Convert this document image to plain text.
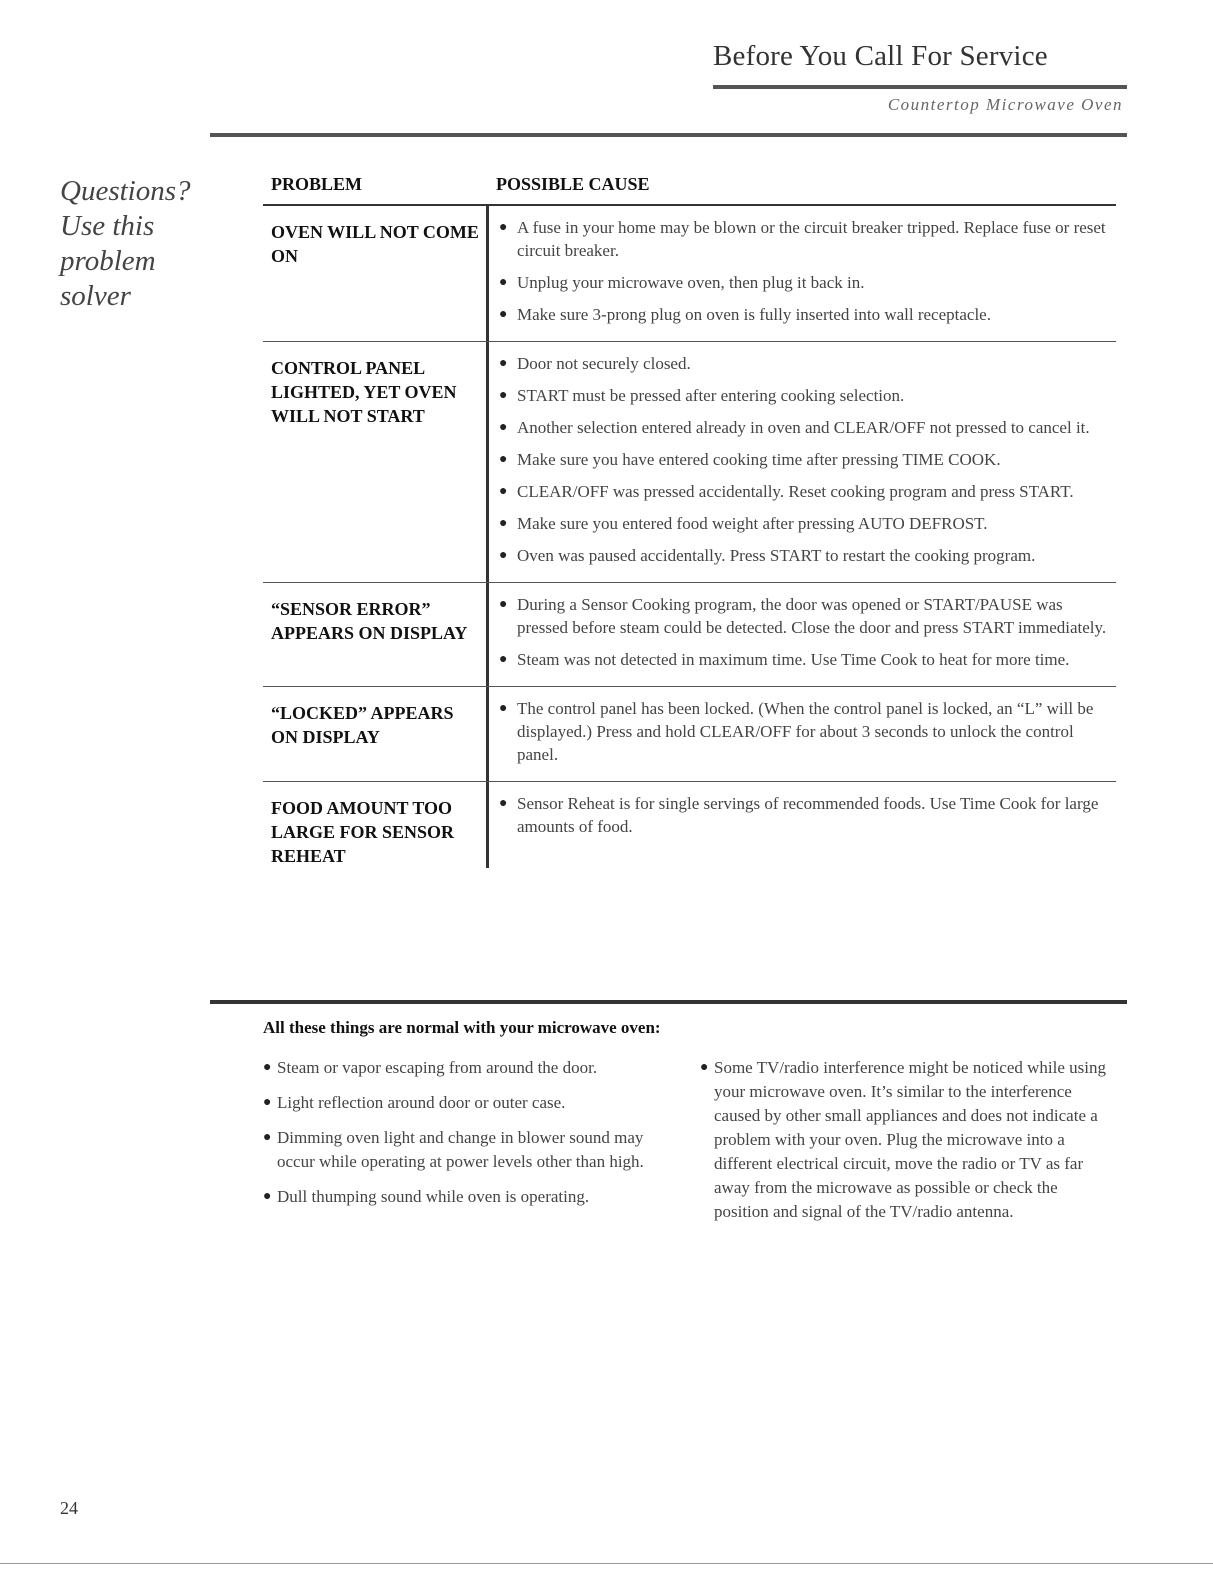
Before You Call For Service
Countertop Microwave Oven
Questions?
Use this
problem
solver
PROBLEM	POSSIBLE CAUSE
OVEN WILL NOT COME ON
● A fuse in your home may be blown or the circuit breaker tripped. Replace fuse or reset circuit breaker.
● Unplug your microwave oven, then plug it back in.
● Make sure 3-prong plug on oven is fully inserted into wall receptacle.
CONTROL PANEL LIGHTED, YET OVEN WILL NOT START
● Door not securely closed.
● START must be pressed after entering cooking selection.
● Another selection entered already in oven and CLEAR/OFF not pressed to cancel it.
● Make sure you have entered cooking time after pressing TIME COOK.
● CLEAR/OFF was pressed accidentally. Reset cooking program and press START.
● Make sure you entered food weight after pressing AUTO DEFROST.
● Oven was paused accidentally. Press START to restart the cooking program.
“SENSOR ERROR” APPEARS ON DISPLAY
● During a Sensor Cooking program, the door was opened or START/PAUSE was pressed before steam could be detected. Close the door and press START immediately.
● Steam was not detected in maximum time. Use Time Cook to heat for more time.
“LOCKED” APPEARS ON DISPLAY
● The control panel has been locked. (When the control panel is locked, an “L” will be displayed.) Press and hold CLEAR/OFF for about 3 seconds to unlock the control panel.
FOOD AMOUNT TOO LARGE FOR SENSOR REHEAT
● Sensor Reheat is for single servings of recommended foods. Use Time Cook for large amounts of food.
All these things are normal with your microwave oven:
● Steam or vapor escaping from around the door.
● Light reflection around door or outer case.
● Dimming oven light and change in blower sound may occur while operating at power levels other than high.
● Dull thumping sound while oven is operating.
● Some TV/radio interference might be noticed while using your microwave oven. It’s similar to the interference caused by other small appliances and does not indicate a problem with your oven. Plug the microwave into a different electrical circuit, move the radio or TV as far away from the microwave as possible or check the position and signal of the TV/radio antenna.
24
